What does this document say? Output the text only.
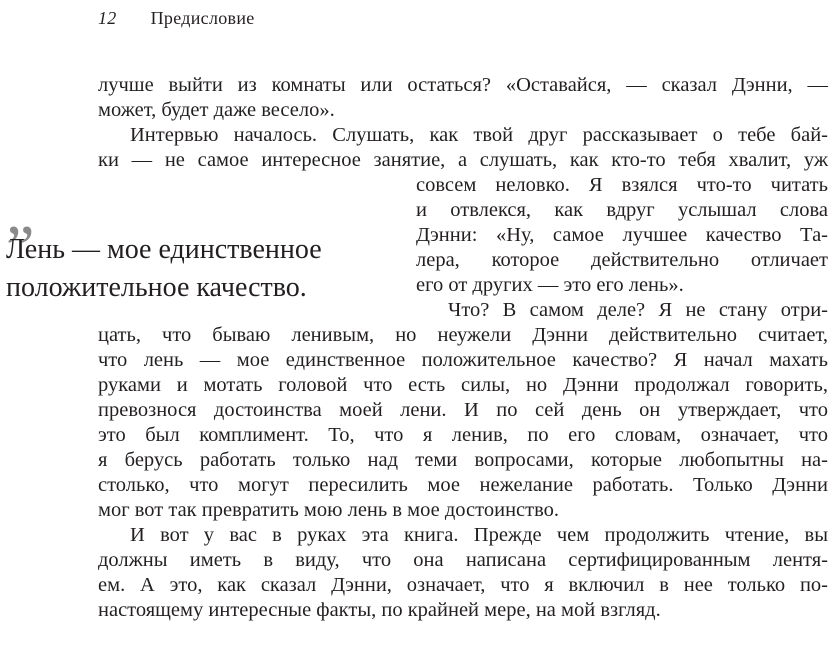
12 Предисловие
„
Лень — мое единственное
положительное качество.
лучше выйти из комнаты или остаться? «Оставайся, — сказал Дэнни, —
может, будет даже весело».
Интервью началось. Слушать, как твой друг рассказывает о тебе бай-
ки — не самое интересное занятие, а слушать, как кто-то тебя хвалит, уж
совсем неловко. Я взялся что-то читать
и отвлекся, как вдруг услышал слова
Дэнни: «Ну, самое лучшее качество Та-
лера, которое действительно отличает
его от других — это его лень».
Что? В самом деле? Я не стану отри-
цать, что бываю ленивым, но неужели Дэнни действительно считает,
что лень — мое единственное положительное качество? Я начал махать
руками и мотать головой что есть силы, но Дэнни продолжал говорить,
превознося достоинства моей лени. И по сей день он утверждает, что
это был комплимент. То, что я ленив, по его словам, означает, что
я берусь работать только над теми вопросами, которые любопытны на-
столько, что могут пересилить мое нежелание работать. Только Дэнни
мог вот так превратить мою лень в мое достоинство.
И вот у вас в руках эта книга. Прежде чем продолжить чтение, вы
должны иметь в виду, что она написана сертифицированным лентя-
ем. А это, как сказал Дэнни, означает, что я включил в нее только по-
настоящему интересные факты, по крайней мере, на мой взгляд.
